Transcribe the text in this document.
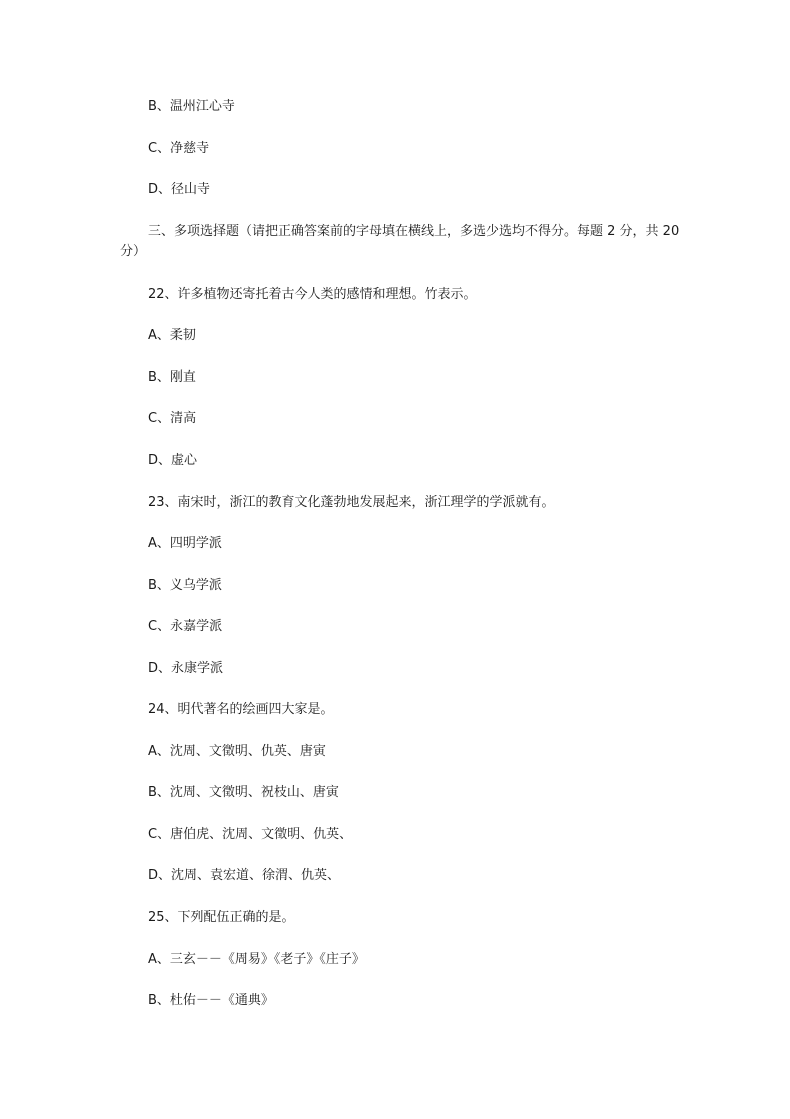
B、温州江心寺
C、净慈寺
D、径山寺
三、多项选择题（请把正确答案前的字母填在横线上，多选少选均不得分。每题 2 分，共 20 分）
22、许多植物还寄托着古今人类的感情和理想。竹表示。
A、柔韧
B、刚直
C、清高
D、虚心
23、南宋时，浙江的教育文化蓬勃地发展起来，浙江理学的学派就有。
A、四明学派
B、义乌学派
C、永嘉学派
D、永康学派
24、明代著名的绘画四大家是。
A、沈周、文徵明、仇英、唐寅
B、沈周、文徵明、祝枝山、唐寅
C、唐伯虎、沈周、文徵明、仇英、
D、沈周、袁宏道、徐渭、仇英、
25、下列配伍正确的是。
A、三玄－－《周易》《老子》《庄子》
B、杜佑－－《通典》
